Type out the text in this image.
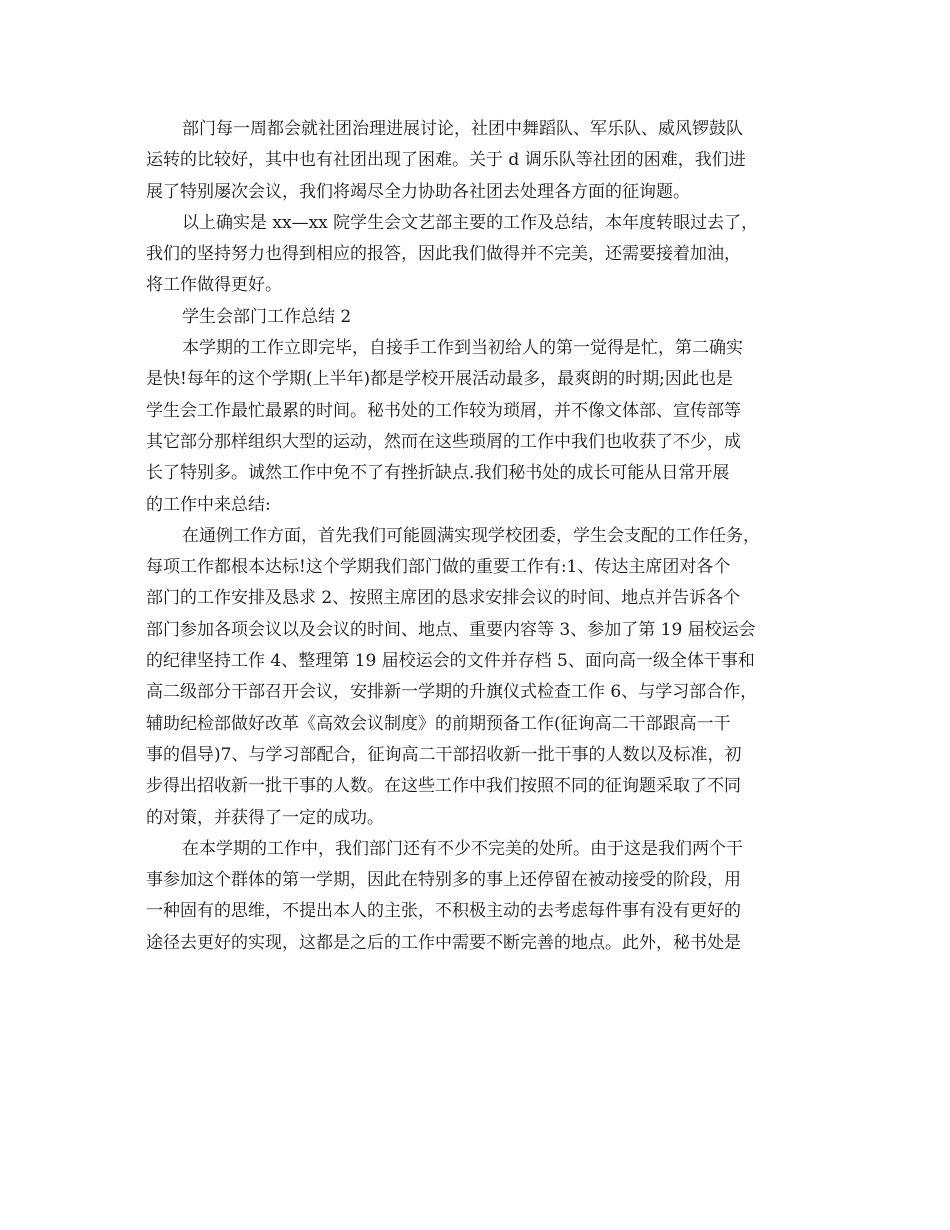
部门每一周都会就社团治理进展讨论，社团中舞蹈队、军乐队、威风锣鼓队
运转的比较好，其中也有社团出现了困难。关于 d 调乐队等社团的困难，我们进
展了特别屡次会议，我们将竭尽全力协助各社团去处理各方面的征询题。
以上确实是 xx—xx 院学生会文艺部主要的工作及总结，本年度转眼过去了，
我们的坚持努力也得到相应的报答，因此我们做得并不完美，还需要接着加油，
将工作做得更好。
学生会部门工作总结 2
本学期的工作立即完毕，自接手工作到当初给人的第一觉得是忙，第二确实
是快!每年的这个学期(上半年)都是学校开展活动最多，最爽朗的时期;因此也是
学生会工作最忙最累的时间。秘书处的工作较为琐屑，并不像文体部、宣传部等
其它部分那样组织大型的运动，然而在这些琐屑的工作中我们也收获了不少，成
长了特别多。诚然工作中免不了有挫折缺点.我们秘书处的成长可能从日常开展
的工作中来总结:
在通例工作方面，首先我们可能圆满实现学校团委，学生会支配的工作任务，
每项工作都根本达标!这个学期我们部门做的重要工作有:1、传达主席团对各个
部门的工作安排及恳求 2、按照主席团的恳求安排会议的时间、地点并告诉各个
部门参加各项会议以及会议的时间、地点、重要内容等 3、参加了第 19 届校运会
的纪律坚持工作 4、整理第 19 届校运会的文件并存档 5、面向高一级全体干事和
高二级部分干部召开会议，安排新一学期的升旗仪式检查工作 6、与学习部合作，
辅助纪检部做好改革《高效会议制度》的前期预备工作(征询高二干部跟高一干
事的倡导)7、与学习部配合，征询高二干部招收新一批干事的人数以及标准，初
步得出招收新一批干事的人数。在这些工作中我们按照不同的征询题采取了不同
的对策，并获得了一定的成功。
在本学期的工作中，我们部门还有不少不完美的处所。由于这是我们两个干
事参加这个群体的第一学期，因此在特别多的事上还停留在被动接受的阶段，用
一种固有的思维，不提出本人的主张，不积极主动的去考虑每件事有没有更好的
途径去更好的实现，这都是之后的工作中需要不断完善的地点。此外，秘书处是
